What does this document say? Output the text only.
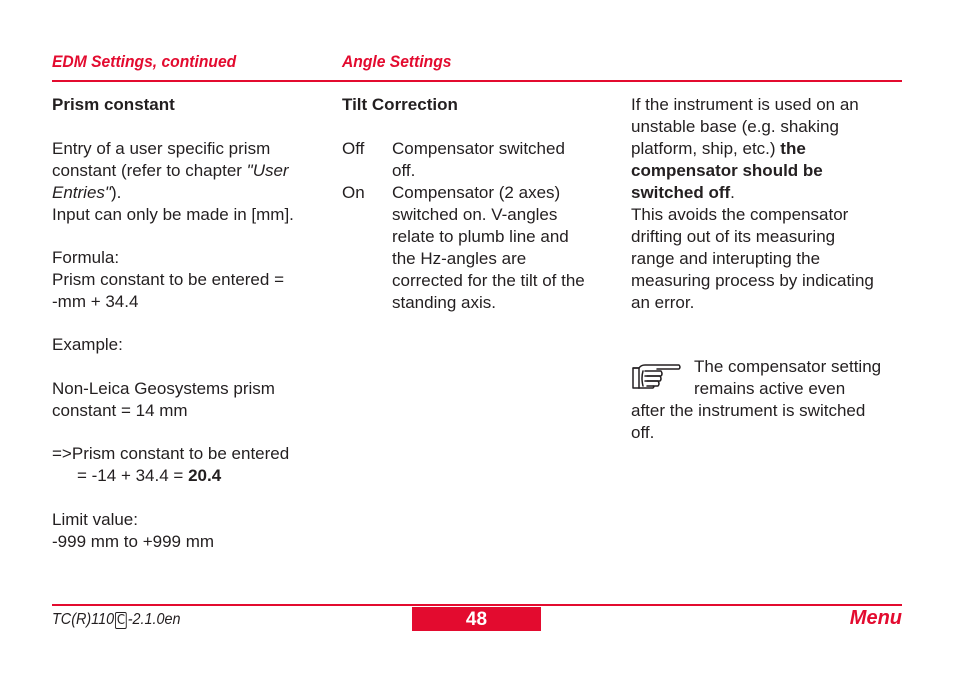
EDM Settings, continued	Angle Settings
Prism constant
Entry of a user specific prism
constant (refer to chapter "User
Entries").
Input can only be made in [mm].
Formula:
Prism constant to be entered =
-mm + 34.4
Example:
Non-Leica Geosystems prism
constant = 14 mm
=>Prism constant to be entered
= -14 + 34.4 = 20.4
Limit value:
-999 mm to +999 mm
Tilt Correction
Off Compensator switched
off.
On Compensator (2 axes)
switched on. V-angles
relate to plumb line and
the Hz-angles are
corrected for the tilt of the
standing axis.
If the instrument is used on an
unstable base (e.g. shaking
platform, ship, etc.) the
compensator should be
switched off.
This avoids the compensator
drifting out of its measuring
range and interupting the
measuring process by indicating
an error.
The compensator setting
remains active even
after the instrument is switched
off.
TC(R)110 C -2.1.0en	48	Menu
